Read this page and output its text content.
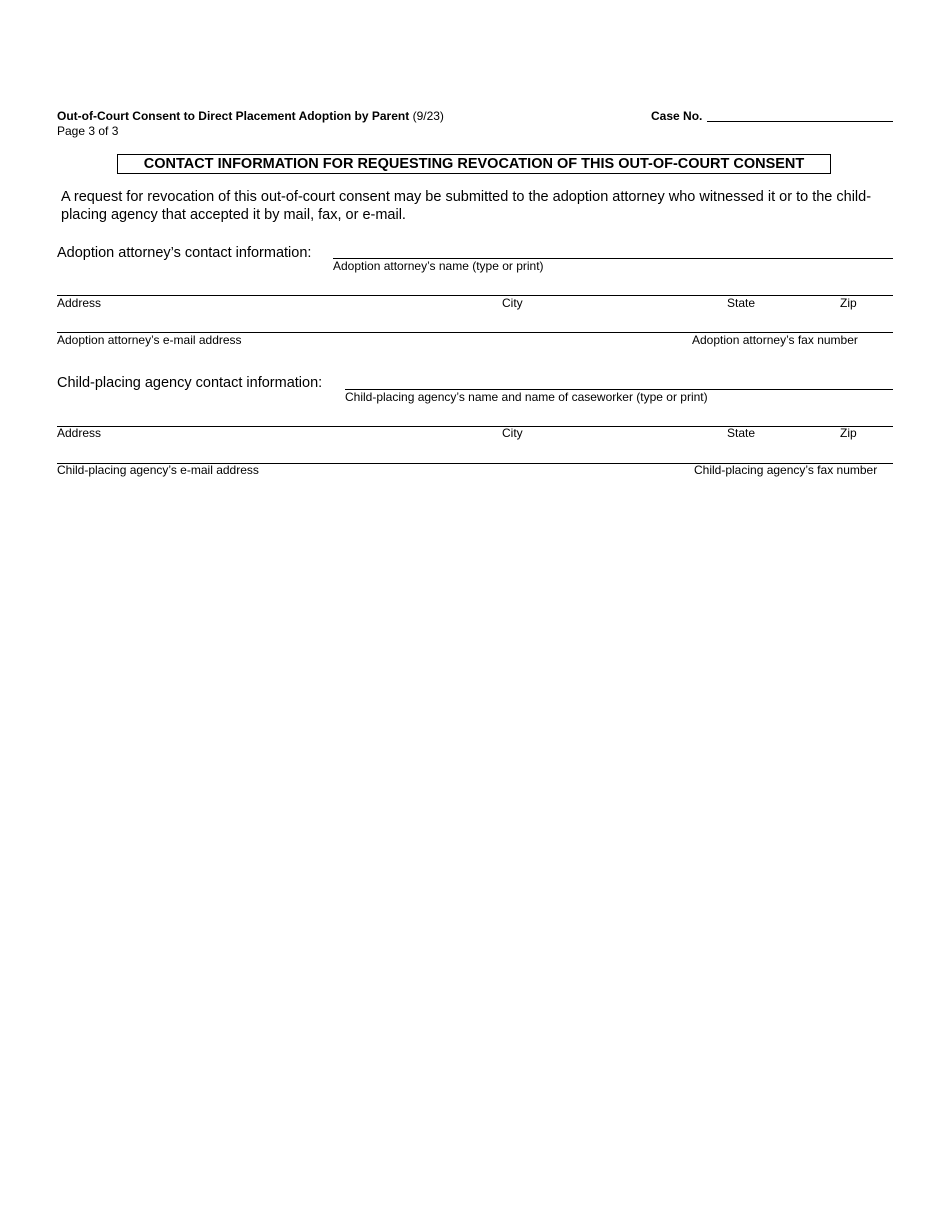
Out-of-Court Consent to Direct Placement Adoption by Parent (9/23)
Page 3 of 3
Case No.
CONTACT INFORMATION FOR REQUESTING REVOCATION OF THIS OUT-OF-COURT CONSENT
A request for revocation of this out-of-court consent may be submitted to the adoption attorney who witnessed it or to the child-placing agency that accepted it by mail, fax, or e-mail.
Adoption attorney’s contact information:
Adoption attorney’s name (type or print)
Address	City	State	Zip
Adoption attorney’s e-mail address	Adoption attorney’s fax number
Child-placing agency contact information:
Child-placing agency’s name and name of caseworker (type or print)
Address	City	State	Zip
Child-placing agency’s e-mail address	Child-placing agency’s fax number
